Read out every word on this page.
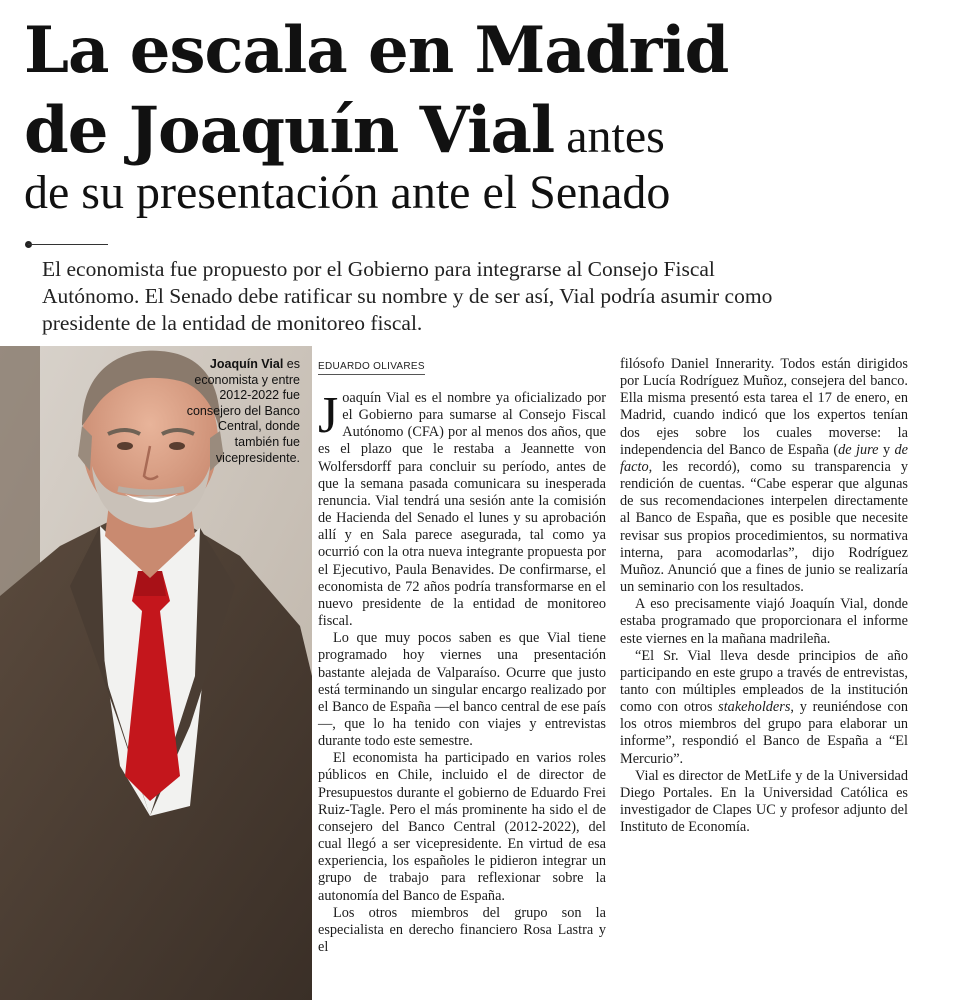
La escala en Madrid
de Joaquín Vial antes
de su presentación ante el Senado

El economista fue propuesto por el Gobierno para integrarse al Consejo Fiscal Autónomo. El Senado debe ratificar su nombre y de ser así, Vial podría asumir como presidente de la entidad de monitoreo fiscal.

Joaquín Vial es economista y entre 2012-2022 fue consejero del Banco Central, donde también fue vicepresidente.

EDUARDO OLIVARES

Joaquín Vial es el nombre ya oficializado por el Gobierno para sumarse al Consejo Fiscal Autónomo (CFA) por al menos dos años, que es el plazo que le restaba a Jeannette von Wolfersdorff para concluir su período, antes de que la semana pasada comunicara su inesperada renuncia. Vial tendrá una sesión ante la comisión de Hacienda del Senado el lunes y su aprobación allí y en Sala parece asegurada, tal como ya ocurrió con la otra nueva integrante propuesta por el Ejecutivo, Paula Benavides. De confirmarse, el economista de 72 años podría transformarse en el nuevo presidente de la entidad de monitoreo fiscal.

Lo que muy pocos saben es que Vial tiene programado hoy viernes una presentación bastante alejada de Valparaíso. Ocurre que justo está terminando un singular encargo realizado por el Banco de España —el banco central de ese país—, que lo ha tenido con viajes y entrevistas durante todo este semestre.

El economista ha participado en varios roles públicos en Chile, incluido el de director de Presupuestos durante el gobierno de Eduardo Frei Ruiz-Tagle. Pero el más prominente ha sido el de consejero del Banco Central (2012-2022), del cual llegó a ser vicepresidente. En virtud de esa experiencia, los españoles le pidieron integrar un grupo de trabajo para reflexionar sobre la autonomía del Banco de España.

Los otros miembros del grupo son la especialista en derecho financiero Rosa Lastra y el

filósofo Daniel Innerarity. Todos están dirigidos por Lucía Rodríguez Muñoz, consejera del banco. Ella misma presentó esta tarea el 17 de enero, en Madrid, cuando indicó que los expertos tenían dos ejes sobre los cuales moverse: la independencia del Banco de España (de jure y de facto, les recordó), como su transparencia y rendición de cuentas. “Cabe esperar que algunas de sus recomendaciones interpelen directamente al Banco de España, que es posible que necesite revisar sus propios procedimientos, su normativa interna, para acomodarlas”, dijo Rodríguez Muñoz. Anunció que a fines de junio se realizaría un seminario con los resultados.

A eso precisamente viajó Joaquín Vial, donde estaba programado que proporcionara el informe este viernes en la mañana madrileña.

“El Sr. Vial lleva desde principios de año participando en este grupo a través de entrevistas, tanto con múltiples empleados de la institución como con otros stakeholders, y reuniéndose con los otros miembros del grupo para elaborar un informe”, respondió el Banco de España a “El Mercurio”.

Vial es director de MetLife y de la Universidad Diego Portales. En la Universidad Católica es investigador de Clapes UC y profesor adjunto del Instituto de Economía.
